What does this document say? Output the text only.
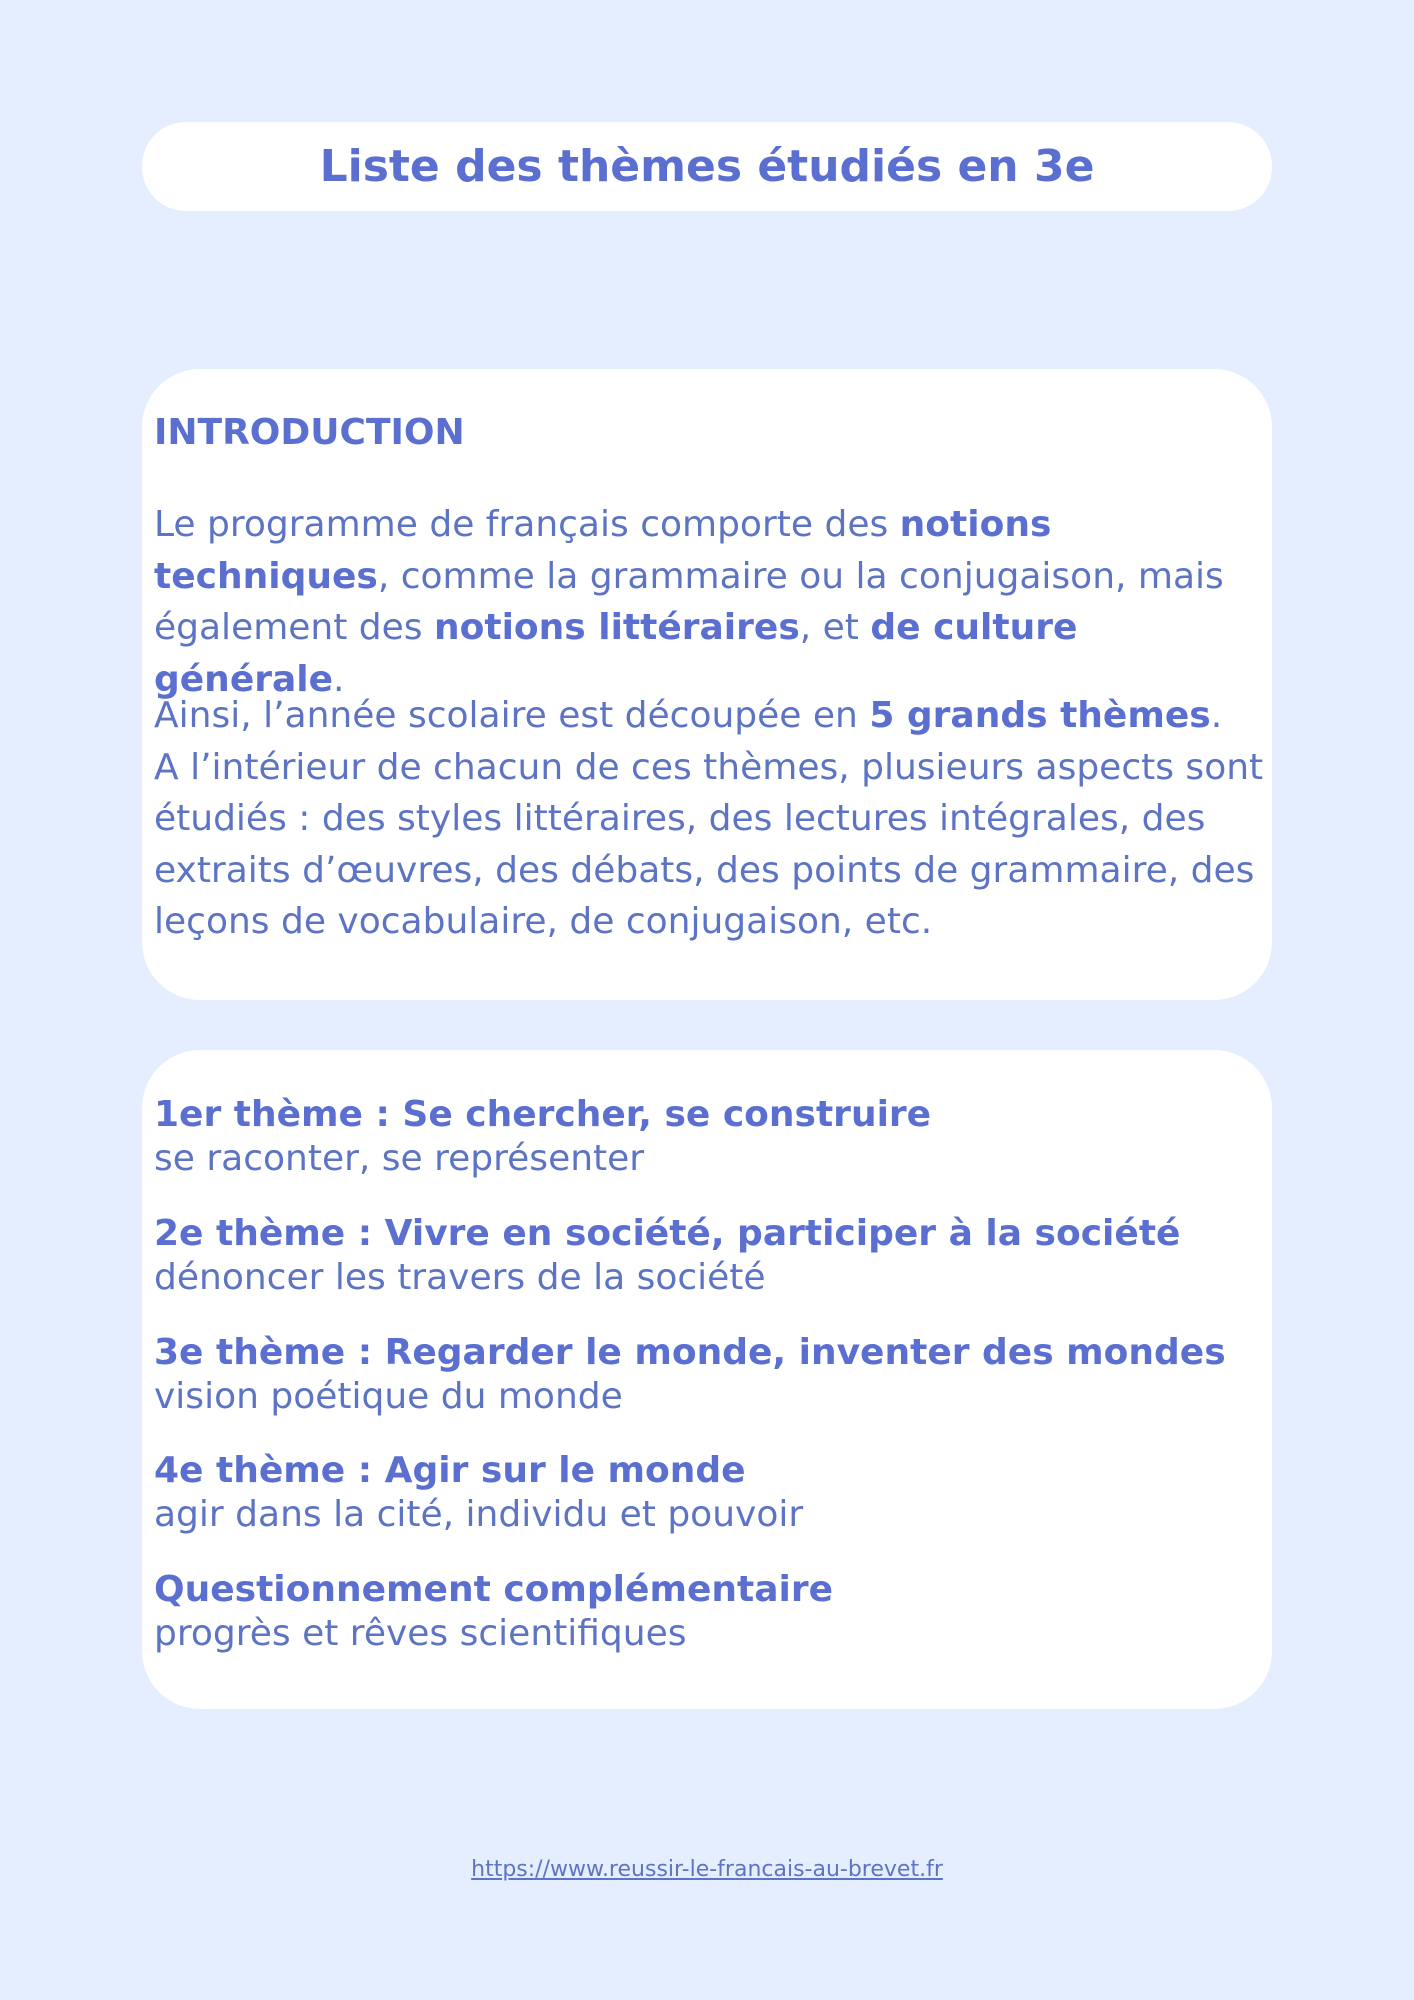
Liste des thèmes étudiés en 3e
INTRODUCTION

Le programme de français comporte des notions techniques, comme la grammaire ou la conjugaison, mais également des notions littéraires, et de culture générale.

Ainsi, l’année scolaire est découpée en 5 grands thèmes.
A l’intérieur de chacun de ces thèmes, plusieurs aspects sont étudiés : des styles littéraires, des lectures intégrales, des extraits d’œuvres, des débats, des points de grammaire, des leçons de vocabulaire, de conjugaison, etc.

1er thème : Se chercher, se construire
se raconter, se représenter
2e thème : Vivre en société, participer à la société
dénoncer les travers de la société
3e thème : Regarder le monde, inventer des mondes
vision poétique du monde
4e thème : Agir sur le monde
agir dans la cité, individu et pouvoir
Questionnement complémentaire
progrès et rêves scientifiques
https://www.reussir-le-francais-au-brevet.fr
